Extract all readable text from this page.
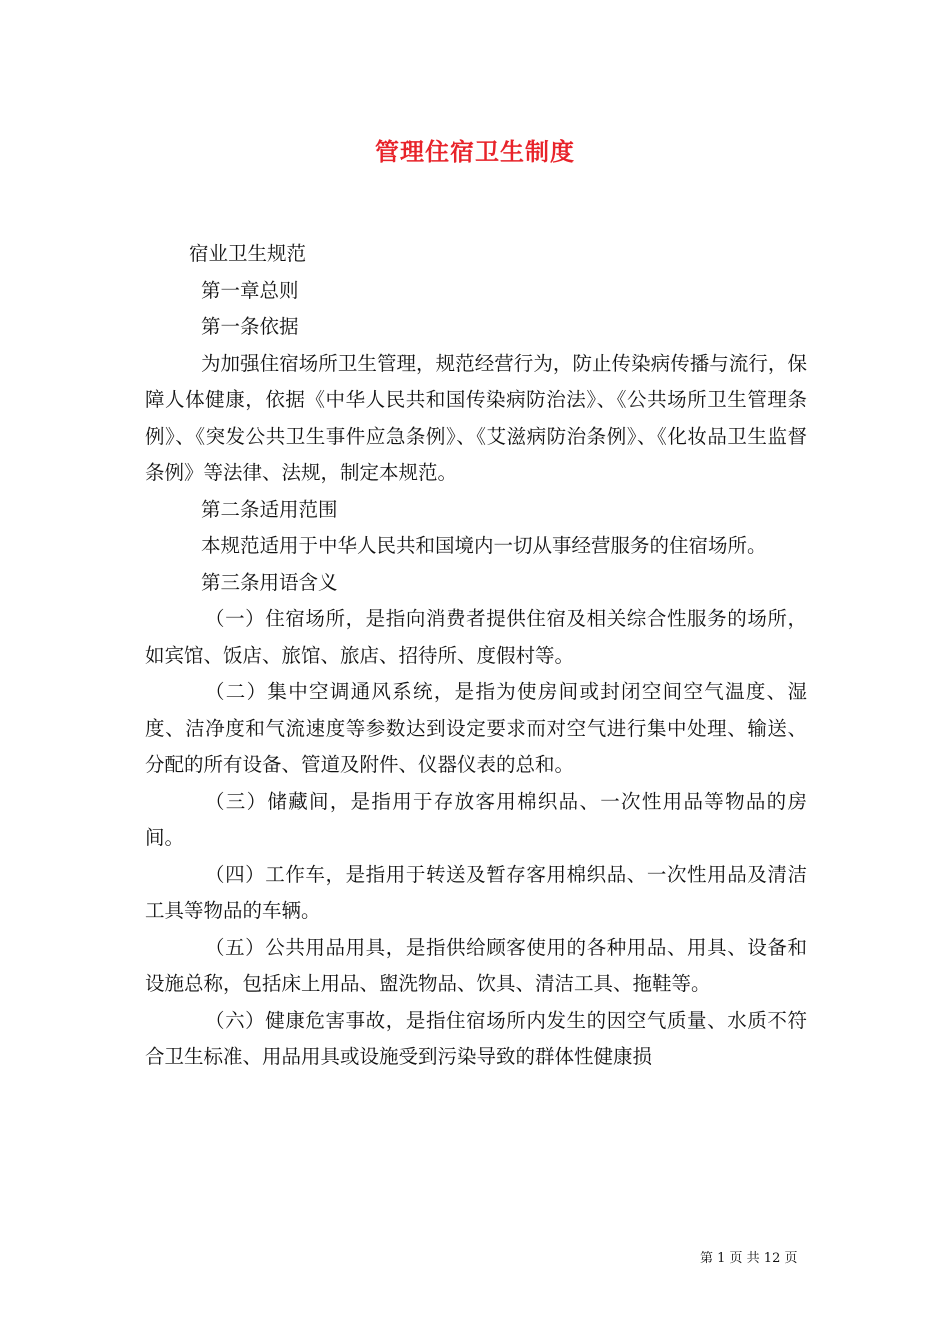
管理住宿卫生制度

宿业卫生规范

第一章总则

第一条依据

为加强住宿场所卫生管理，规范经营行为，防止传染病传播与流行，保障人体健康，依据《中华人民共和国传染病防治法》、《公共场所卫生管理条例》、《突发公共卫生事件应急条例》、《艾滋病防治条例》、《化妆品卫生监督条例》等法律、法规，制定本规范。

第二条适用范围

本规范适用于中华人民共和国境内一切从事经营服务的住宿场所。

第三条用语含义

（一）住宿场所，是指向消费者提供住宿及相关综合性服务的场所，如宾馆、饭店、旅馆、旅店、招待所、度假村等。

（二）集中空调通风系统，是指为使房间或封闭空间空气温度、湿度、洁净度和气流速度等参数达到设定要求而对空气进行集中处理、输送、分配的所有设备、管道及附件、仪器仪表的总和。

（三）储藏间，是指用于存放客用棉织品、一次性用品等物品的房间。

（四）工作车，是指用于转送及暂存客用棉织品、一次性用品及清洁工具等物品的车辆。

（五）公共用品用具，是指供给顾客使用的各种用品、用具、设备和设施总称，包括床上用品、盥洗物品、饮具、清洁工具、拖鞋等。

（六）健康危害事故，是指住宿场所内发生的因空气质量、水质不符合卫生标准、用品用具或设施受到污染导致的群体性健康损

第 1 页 共 12 页
